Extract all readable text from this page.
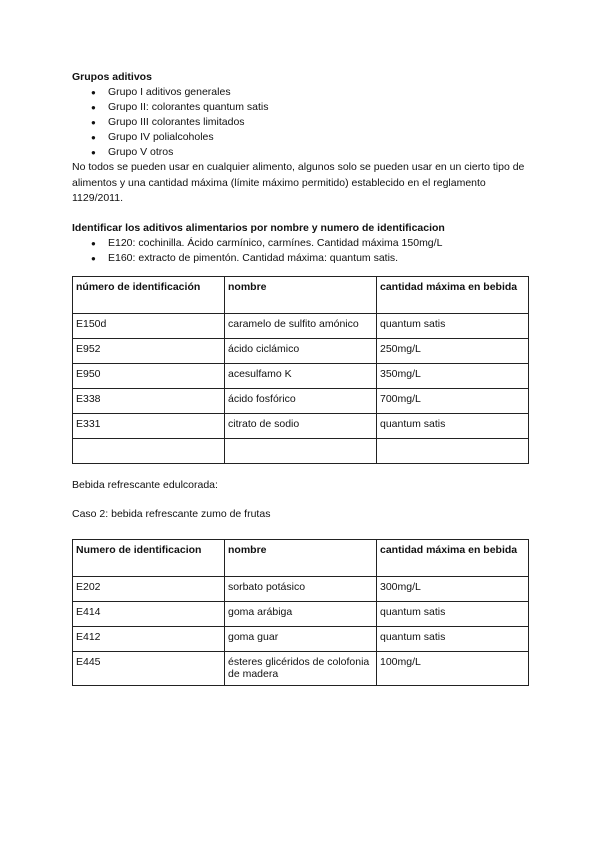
Grupos aditivos
● Grupo I aditivos generales
● Grupo II: colorantes quantum satis
● Grupo III colorantes limitados
● Grupo IV polialcoholes
● Grupo V otros

No todos se pueden usar en cualquier alimento, algunos solo se pueden usar en un cierto tipo de alimentos y una cantidad máxima (límite máximo permitido) establecido en el reglamento 1129/2011.

Identificar los aditivos alimentarios por nombre y numero de identificacion
● E120: cochinilla. Ácido carmínico, carmínes. Cantidad máxima 150mg/L
● E160: extracto de pimentón. Cantidad máxima: quantum satis.
número de identificación	nombre	cantidad máxima en bebida
E150d	caramelo de sulfito amónico	quantum satis
E952	ácido ciclámico	250mg/L
E950	acesulfamo K	350mg/L
E338	ácido fosfórico	700mg/L
E331	citrato de sodio	quantum satis

Bebida refrescante edulcorada:

Caso 2: bebida refrescante zumo de frutas

Numero de identificacion	nombre	cantidad máxima en bebida
E202	sorbato potásico	300mg/L
E414	goma arábiga	quantum satis
E412	goma guar	quantum satis
E445	ésteres glicéridos de colofonia de madera	100mg/L
